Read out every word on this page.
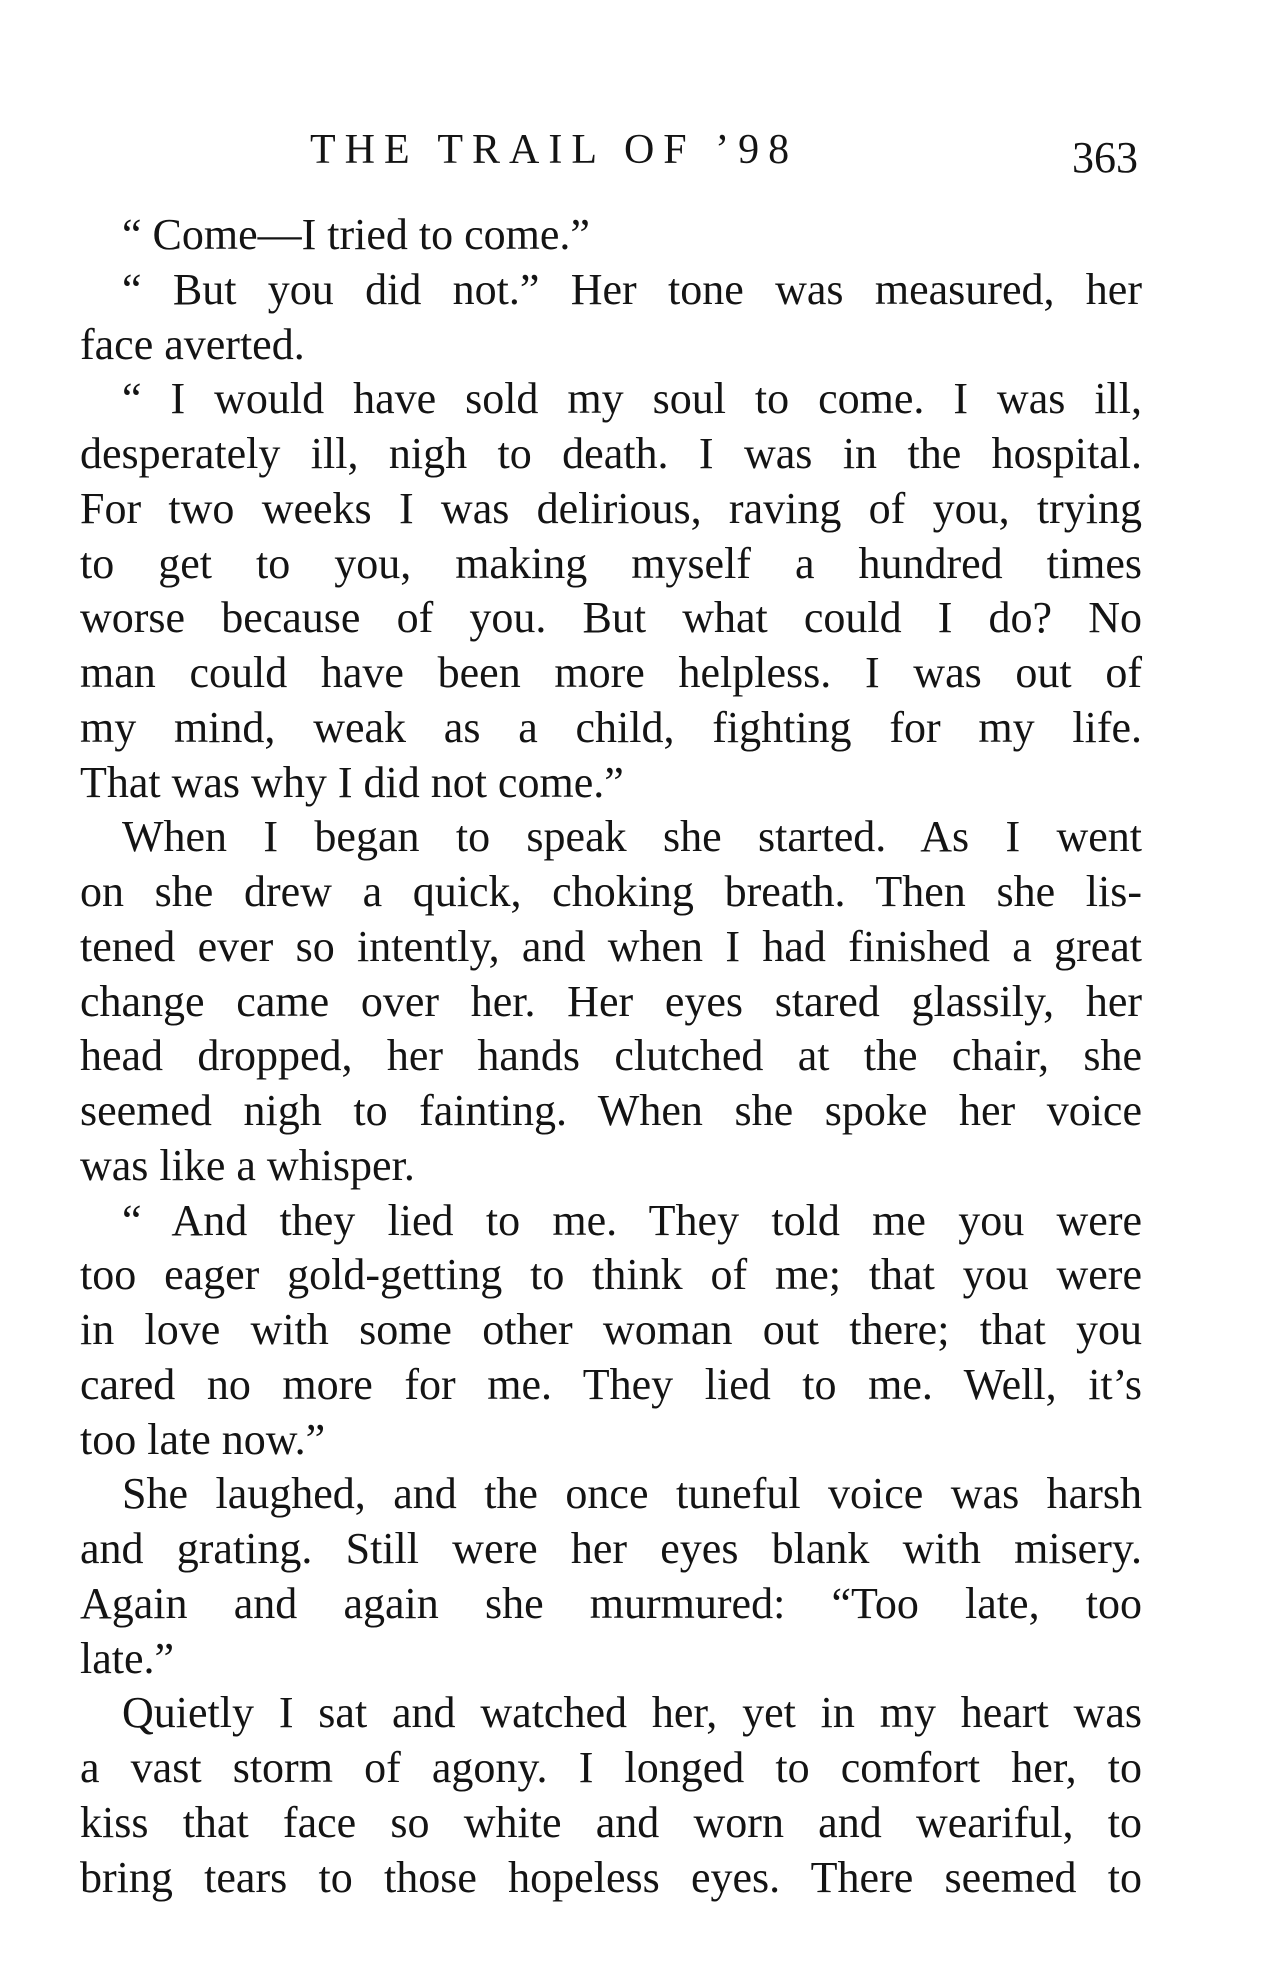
THE TRAIL OF ’98	363
“ Come—I tried to come.”
“ But you did not.” Her tone was measured, her
face averted.
“ I would have sold my soul to come. I was ill,
desperately ill, nigh to death. I was in the hospital.
For two weeks I was delirious, raving of you, trying
to get to you, making myself a hundred times
worse because of you. But what could I do? No
man could have been more helpless. I was out of
my mind, weak as a child, fighting for my life.
That was why I did not come.”
When I began to speak she started. As I went
on she drew a quick, choking breath. Then she lis-
tened ever so intently, and when I had finished a great
change came over her. Her eyes stared glassily, her
head dropped, her hands clutched at the chair, she
seemed nigh to fainting. When she spoke her voice
was like a whisper.
“ And they lied to me. They told me you were
too eager gold-getting to think of me; that you were
in love with some other woman out there; that you
cared no more for me. They lied to me. Well, it’s
too late now.”
She laughed, and the once tuneful voice was harsh
and grating. Still were her eyes blank with misery.
Again and again she murmured: “Too late, too
late.”
Quietly I sat and watched her, yet in my heart was
a vast storm of agony. I longed to comfort her, to
kiss that face so white and worn and weariful, to
bring tears to those hopeless eyes. There seemed to
